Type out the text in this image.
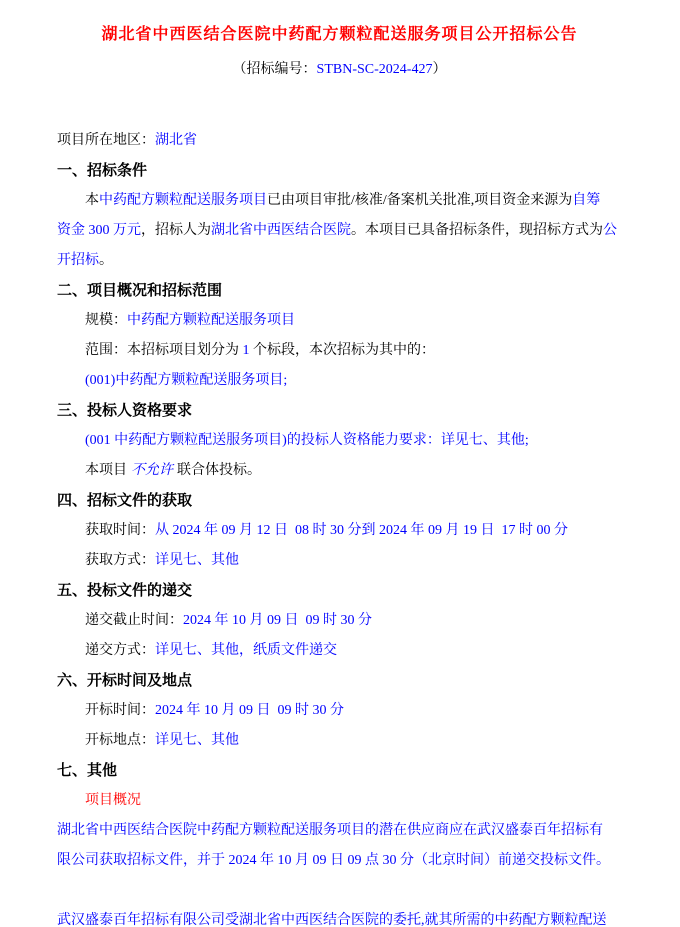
湖北省中西医结合医院中药配方颗粒配送服务项目公开招标公告
（招标编号：STBN-SC-2024-427）
项目所在地区：湖北省
一、招标条件
本中药配方颗粒配送服务项目已由项目审批/核准/备案机关批准,项目资金来源为自筹
资金 300 万元，招标人为湖北省中西医结合医院。本项目已具备招标条件，现招标方式为公
开招标。
二、项目概况和招标范围
规模：中药配方颗粒配送服务项目
范围：本招标项目划分为 1 个标段，本次招标为其中的：
(001)中药配方颗粒配送服务项目;
三、投标人资格要求
(001 中药配方颗粒配送服务项目)的投标人资格能力要求：详见七、其他;
本项目 不允许 联合体投标。
四、招标文件的获取
获取时间：从 2024 年 09 月 12 日  08 时 30 分到 2024 年 09 月 19 日  17 时 00 分
获取方式：详见七、其他
五、投标文件的递交
递交截止时间：2024 年 10 月 09 日  09 时 30 分
递交方式：详见七、其他，纸质文件递交
六、开标时间及地点
开标时间：2024 年 10 月 09 日  09 时 30 分
开标地点：详见七、其他
七、其他
项目概况
湖北省中西医结合医院中药配方颗粒配送服务项目的潜在供应商应在武汉盛泰百年招标有
限公司获取招标文件，并于 2024 年 10 月 09 日 09 点 30 分（北京时间）前递交投标文件。
武汉盛泰百年招标有限公司受湖北省中西医结合医院的委托,就其所需的中药配方颗粒配送
